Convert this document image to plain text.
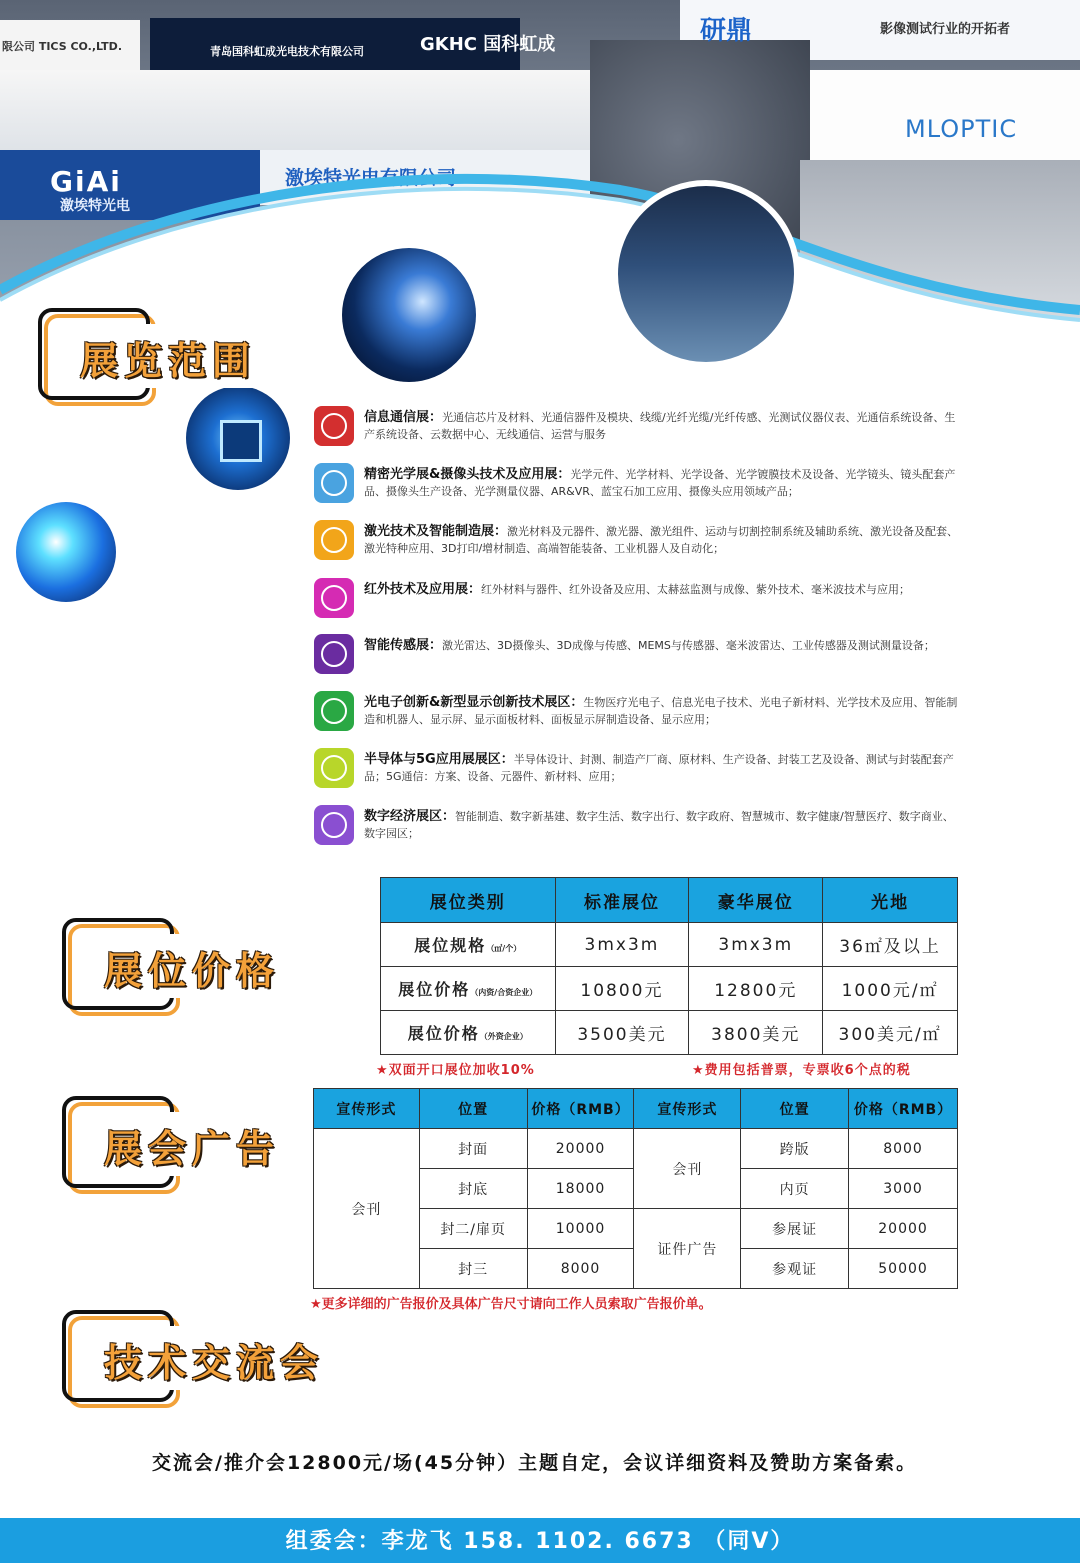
限公司 TICS CO.,LTD.	青岛国科虹成光电技术有限公司	GKHC 国科虹成
GiAi
激埃特光电
激埃特光电有限公司
研鼎	影像测试行业的开拓者
MLOPTIC
展览范围
信息通信展：光通信芯片及材料、光通信器件及模块、线缆/光纤光缆/光纤传感、光测试仪器仪表、光通信系统设备、生产系统设备、云数据中心、无线通信、运营与服务
精密光学展&摄像头技术及应用展：光学元件、光学材料、光学设备、光学镀膜技术及设备、光学镜头、镜头配套产品、摄像头生产设备、光学测量仪器、AR&VR、蓝宝石加工应用、摄像头应用领域产品；
激光技术及智能制造展：激光材料及元器件、激光器、激光组件、运动与切割控制系统及辅助系统、激光设备及配套、激光特种应用、3D打印/增材制造、高端智能装备、工业机器人及自动化；
红外技术及应用展：红外材料与器件、红外设备及应用、太赫兹监测与成像、紫外技术、毫米波技术与应用；
智能传感展：激光雷达、3D摄像头、3D成像与传感、MEMS与传感器、毫米波雷达、工业传感器及测试测量设备；
光电子创新&新型显示创新技术展区：生物医疗光电子、信息光电子技术、光电子新材料、光学技术及应用、智能制造和机器人、显示屏、显示面板材料、面板显示屏制造设备、显示应用；
半导体与5G应用展展区：半导体设计、封测、制造产厂商、原材料、生产设备、封装工艺及设备、测试与封装配套产品；5G通信：方案、设备、元器件、新材料、应用；
数字经济展区：智能制造、数字新基建、数字生活、数字出行、数字政府、智慧城市、数字健康/智慧医疗、数字商业、数字园区；
展位价格
展位类别	标准展位	豪华展位	光地
展位规格（㎡/个）	3mx3m	3mx3m	36㎡及以上
展位价格（内资/合资企业）	10800元	12800元	1000元/㎡
展位价格（外资企业）	3500美元	3800美元	300美元/㎡
★双面开口展位加收10%	★费用包括普票，专票收6个点的税
展会广告
宣传形式	位置	价格（RMB）	宣传形式	位置	价格（RMB）
会刊	封面	20000	会刊	跨版	8000
	封底	18000		内页	3000
	封二/扉页	10000	证件广告	参展证	20000
	封三	8000		参观证	50000
★更多详细的广告报价及具体广告尺寸请向工作人员索取广告报价单。
技术交流会
交流会/推介会12800元/场(45分钟）主题自定，会议详细资料及赞助方案备索。
组委会：李龙飞 158. 1102. 6673 （同V）
